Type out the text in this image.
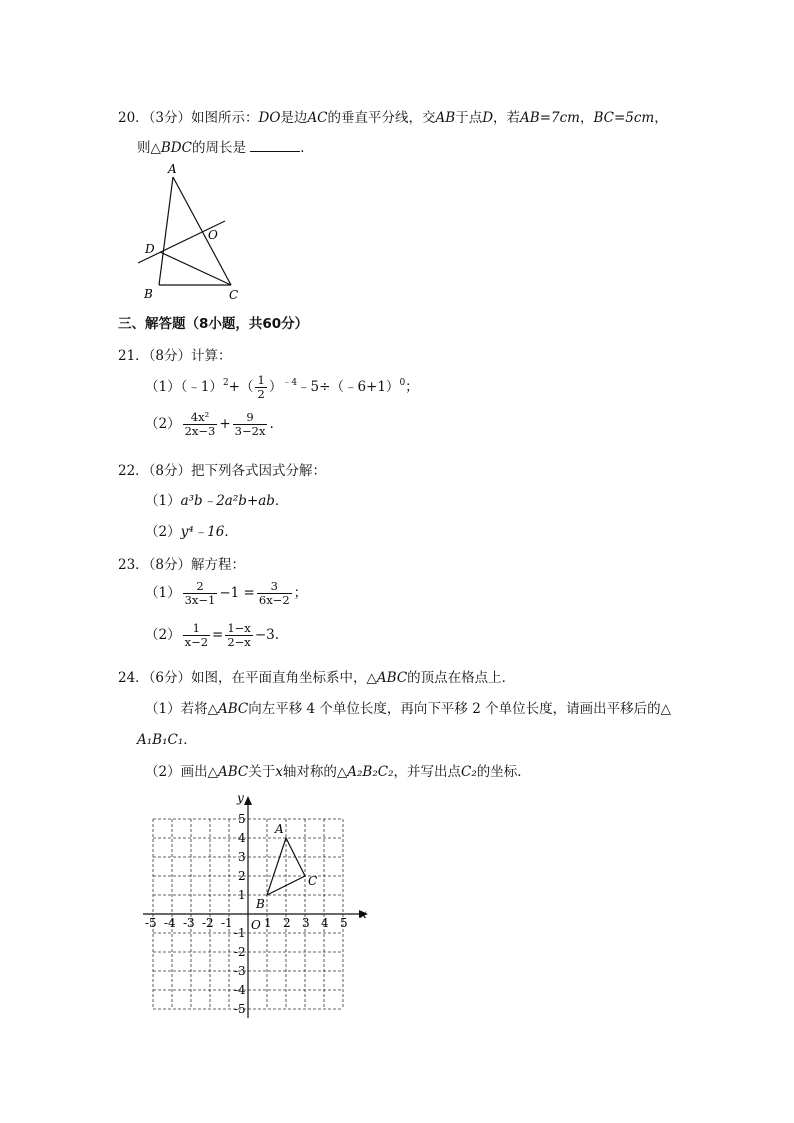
20．（3分）如图所示：DO是边AC的垂直平分线，交AB于点D，若AB=7cm，BC=5cm，
则△BDC的周长是	．
A
O
D
B	C
三、解答题（8小题，共60分）
21．（8分）计算：
（1）（﹣1）$^2$+（ $\frac{1}{2}$ ）$^{﹣4}$﹣5÷（﹣6+1）$^0$；
$(2) \frac{\text{4x²}}{2x-3} + \frac{9}{3-2x}$ .
22．（8分）把下列各式因式分解：
（1）a³b﹣2a²b+ab．
（2）y⁴﹣16．
23．（8分）解方程：
$(1) \frac{2}{3x-1} -1 = \frac{3}{6x-2}$ ；
$(2) \frac{1}{x-2} = \frac{1-x}{2-x} -3$.
24．（6分）如图，在平面直角坐标系中，△ABC的顶点在格点上．
（1）若将△ABC向左平移 4 个单位长度，再向下平移 2 个单位长度，请画出平移后的△
A₁B₁C₁．
（2）画出△ABC关于x轴对称的△A₂B₂C₂，并写出点C₂的坐标．
x
y
O
-5 -4 -3 -2 -1	1 2 3 4 5
5
4
3
2
1
-1
-2
-3
-4
-5
A
B
C
